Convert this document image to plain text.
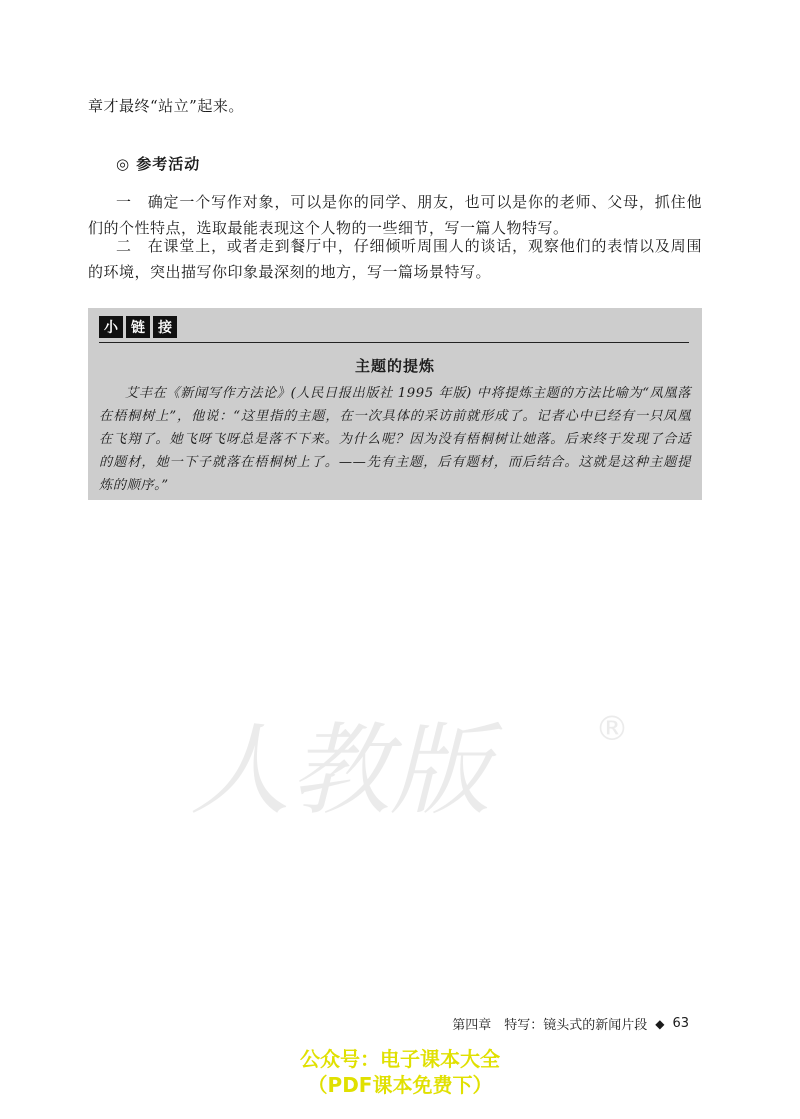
章才最终“站立”起来。
◎ 参考活动
一　确定一个写作对象，可以是你的同学、朋友，也可以是你的老师、父母，抓住他们的个性特点，选取最能表现这个人物的一些细节，写一篇人物特写。
二　在课堂上，或者走到餐厅中，仔细倾听周围人的谈话，观察他们的表情以及周围的环境，突出描写你印象最深刻的地方，写一篇场景特写。
小 链 接
主题的提炼
艾丰在《新闻写作方法论》(人民日报出版社 1995 年版) 中将提炼主题的方法比喻为“凤凰落在梧桐树上”，他说：“这里指的主题，在一次具体的采访前就形成了。记者心中已经有一只凤凰在飞翔了。她飞呀飞呀总是落不下来。为什么呢？因为没有梧桐树让她落。后来终于发现了合适的题材，她一下子就落在梧桐树上了。——先有主题，后有题材，而后结合。这就是这种主题提炼的顺序。”
人教版	®
第四章　特写：镜头式的新闻片段 ◆ 63
公众号：电子课本大全
（PDF课本免费下）
